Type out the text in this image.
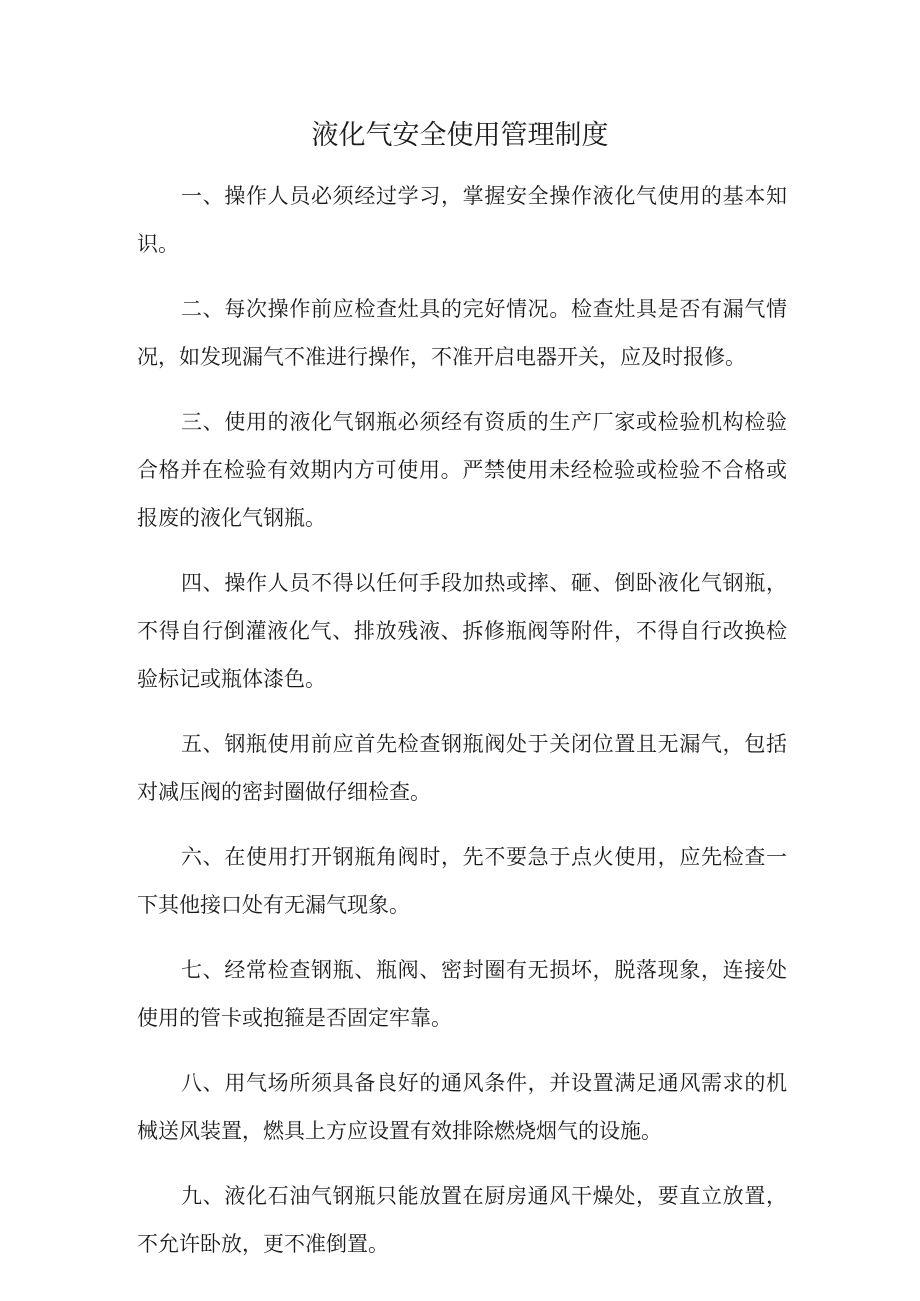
液化气安全使用管理制度

一、操作人员必须经过学习，掌握安全操作液化气使用的基本知识。

二、每次操作前应检查灶具的完好情况。检查灶具是否有漏气情况，如发现漏气不准进行操作，不准开启电器开关，应及时报修。

三、使用的液化气钢瓶必须经有资质的生产厂家或检验机构检验合格并在检验有效期内方可使用。严禁使用未经检验或检验不合格或报废的液化气钢瓶。

四、操作人员不得以任何手段加热或摔、砸、倒卧液化气钢瓶，不得自行倒灌液化气、排放残液、拆修瓶阀等附件，不得自行改换检验标记或瓶体漆色。

五、钢瓶使用前应首先检查钢瓶阀处于关闭位置且无漏气，包括对减压阀的密封圈做仔细检查。

六、在使用打开钢瓶角阀时，先不要急于点火使用，应先检查一下其他接口处有无漏气现象。

七、经常检查钢瓶、瓶阀、密封圈有无损坏，脱落现象，连接处使用的管卡或抱箍是否固定牢靠。

八、用气场所须具备良好的通风条件，并设置满足通风需求的机械送风装置，燃具上方应设置有效排除燃烧烟气的设施。

九、液化石油气钢瓶只能放置在厨房通风干燥处，要直立放置，不允许卧放，更不准倒置。
